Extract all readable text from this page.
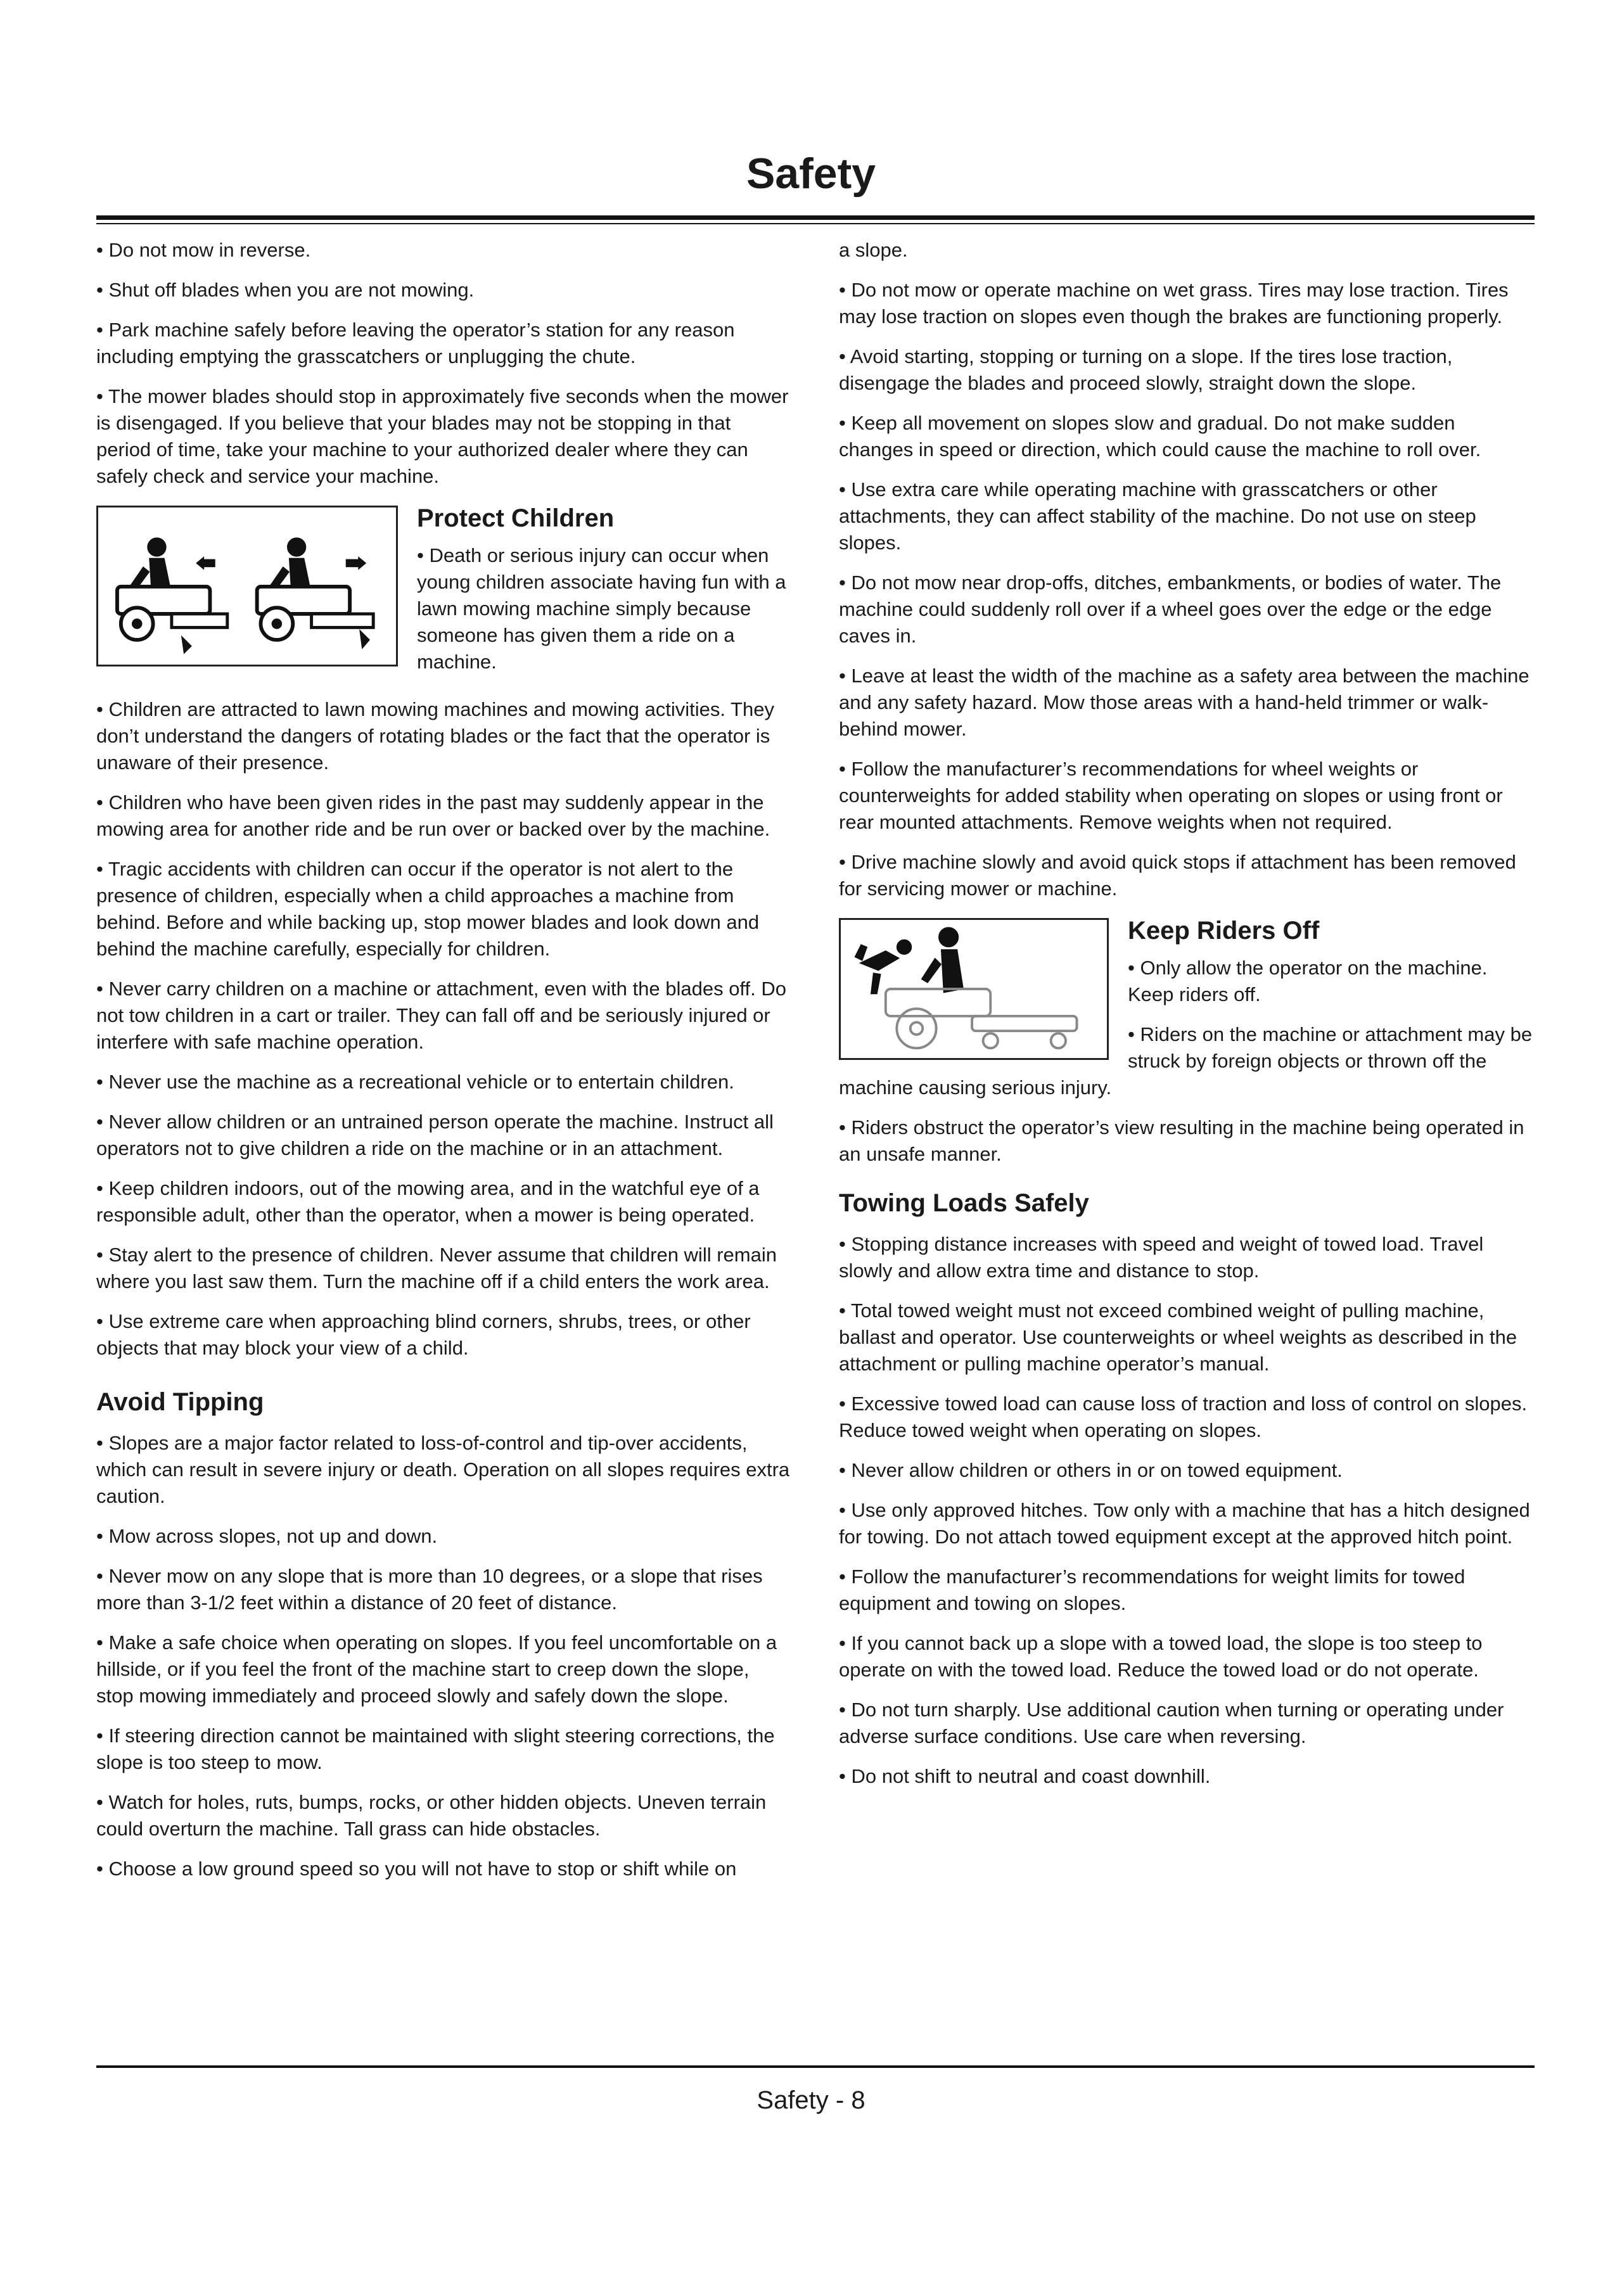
Safety

• Do not mow in reverse.

• Shut off blades when you are not mowing.

• Park machine safely before leaving the operator’s station for any reason including emptying the grasscatchers or unplugging the chute.

• The mower blades should stop in approximately five seconds when the mower is disengaged. If you believe that your blades may not be stopping in that period of time, take your machine to your authorized dealer where they can safely check and service your machine.

Protect Children

• Death or serious injury can occur when young children associate having fun with a lawn mowing machine simply because someone has given them a ride on a machine.

• Children are attracted to lawn mowing machines and mowing activities. They don’t understand the dangers of rotating blades or the fact that the operator is unaware of their presence.

• Children who have been given rides in the past may suddenly appear in the mowing area for another ride and be run over or backed over by the machine.

• Tragic accidents with children can occur if the operator is not alert to the presence of children, especially when a child approaches a machine from behind. Before and while backing up, stop mower blades and look down and behind the machine carefully, especially for children.

• Never carry children on a machine or attachment, even with the blades off. Do not tow children in a cart or trailer. They can fall off and be seriously injured or interfere with safe machine operation.

• Never use the machine as a recreational vehicle or to entertain children.

• Never allow children or an untrained person operate the machine. Instruct all operators not to give children a ride on the machine or in an attachment.

• Keep children indoors, out of the mowing area, and in the watchful eye of a responsible adult, other than the operator, when a mower is being operated.

• Stay alert to the presence of children. Never assume that children will remain where you last saw them. Turn the machine off if a child enters the work area.

• Use extreme care when approaching blind corners, shrubs, trees, or other objects that may block your view of a child.

Avoid Tipping

• Slopes are a major factor related to loss-of-control and tip-over accidents, which can result in severe injury or death. Operation on all slopes requires extra caution.

• Mow across slopes, not up and down.

• Never mow on any slope that is more than 10 degrees, or a slope that rises more than 3-1/2 feet within a distance of 20 feet of distance.

• Make a safe choice when operating on slopes. If you feel uncomfortable on a hillside, or if you feel the front of the machine start to creep down the slope, stop mowing immediately and proceed slowly and safely down the slope.

• If steering direction cannot be maintained with slight steering corrections, the slope is too steep to mow.

• Watch for holes, ruts, bumps, rocks, or other hidden objects. Uneven terrain could overturn the machine. Tall grass can hide obstacles.

• Choose a low ground speed so you will not have to stop or shift while on

a slope.

• Do not mow or operate machine on wet grass. Tires may lose traction. Tires may lose traction on slopes even though the brakes are functioning properly.

• Avoid starting, stopping or turning on a slope. If the tires lose traction, disengage the blades and proceed slowly, straight down the slope.

• Keep all movement on slopes slow and gradual. Do not make sudden changes in speed or direction, which could cause the machine to roll over.

• Use extra care while operating machine with grasscatchers or other attachments, they can affect stability of the machine. Do not use on steep slopes.

• Do not mow near drop-offs, ditches, embankments, or bodies of water. The machine could suddenly roll over if a wheel goes over the edge or the edge caves in.

• Leave at least the width of the machine as a safety area between the machine and any safety hazard. Mow those areas with a hand-held trimmer or walk-behind mower.

• Follow the manufacturer’s recommendations for wheel weights or counterweights for added stability when operating on slopes or using front or rear mounted attachments. Remove weights when not required.

• Drive machine slowly and avoid quick stops if attachment has been removed for servicing mower or machine.

Keep Riders Off

• Only allow the operator on the machine. Keep riders off.

• Riders on the machine or attachment may be struck by foreign objects or thrown off the machine causing serious injury.

• Riders obstruct the operator’s view resulting in the machine being operated in an unsafe manner.

Towing Loads Safely

• Stopping distance increases with speed and weight of towed load. Travel slowly and allow extra time and distance to stop.

• Total towed weight must not exceed combined weight of pulling machine, ballast and operator. Use counterweights or wheel weights as described in the attachment or pulling machine operator’s manual.

• Excessive towed load can cause loss of traction and loss of control on slopes. Reduce towed weight when operating on slopes.

• Never allow children or others in or on towed equipment.

• Use only approved hitches. Tow only with a machine that has a hitch designed for towing. Do not attach towed equipment except at the approved hitch point.

• Follow the manufacturer’s recommendations for weight limits for towed equipment and towing on slopes.

• If you cannot back up a slope with a towed load, the slope is too steep to operate on with the towed load. Reduce the towed load or do not operate.

• Do not turn sharply. Use additional caution when turning or operating under adverse surface conditions. Use care when reversing.

• Do not shift to neutral and coast downhill.

Safety - 8
